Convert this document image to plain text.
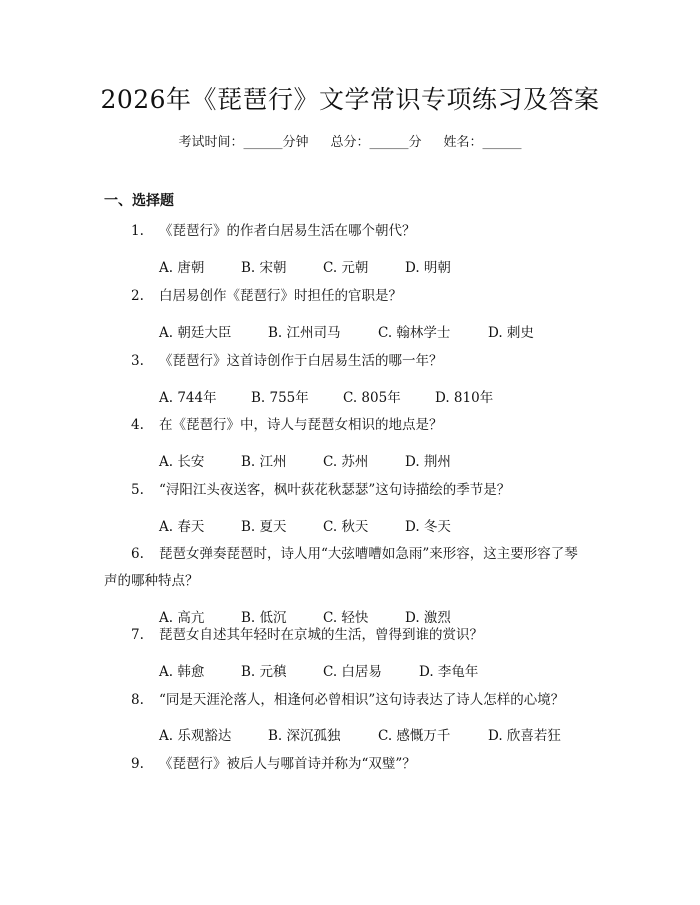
2026年《琵琶行》文学常识专项练习及答案
考试时间：______分钟 总分：______分 姓名：______
一、选择题
1. 《琵琶行》的作者白居易生活在哪个朝代？
A. 唐朝	B. 宋朝	C. 元朝	D. 明朝
2. 白居易创作《琵琶行》时担任的官职是？
A. 朝廷大臣	B. 江州司马	C. 翰林学士	D. 刺史
3. 《琵琶行》这首诗创作于白居易生活的哪一年？
A. 744年	B. 755年	C. 805年	D. 810年
4. 在《琵琶行》中，诗人与琵琶女相识的地点是？
A. 长安	B. 江州	C. 苏州	D. 荆州
5. “浔阳江头夜送客，枫叶荻花秋瑟瑟”这句诗描绘的季节是？
A. 春天	B. 夏天	C. 秋天	D. 冬天
6. 琵琶女弹奏琵琶时，诗人用“大弦嘈嘈如急雨”来形容，这主要形容了琴
声的哪种特点？
A. 高亢	B. 低沉	C. 轻快	D. 激烈
7. 琵琶女自述其年轻时在京城的生活，曾得到谁的赏识？
A. 韩愈	B. 元稹	C. 白居易	D. 李龟年
8. “同是天涯沦落人，相逢何必曾相识”这句诗表达了诗人怎样的心境？
A. 乐观豁达	B. 深沉孤独	C. 感慨万千	D. 欣喜若狂
9. 《琵琶行》被后人与哪首诗并称为“双璧”？
